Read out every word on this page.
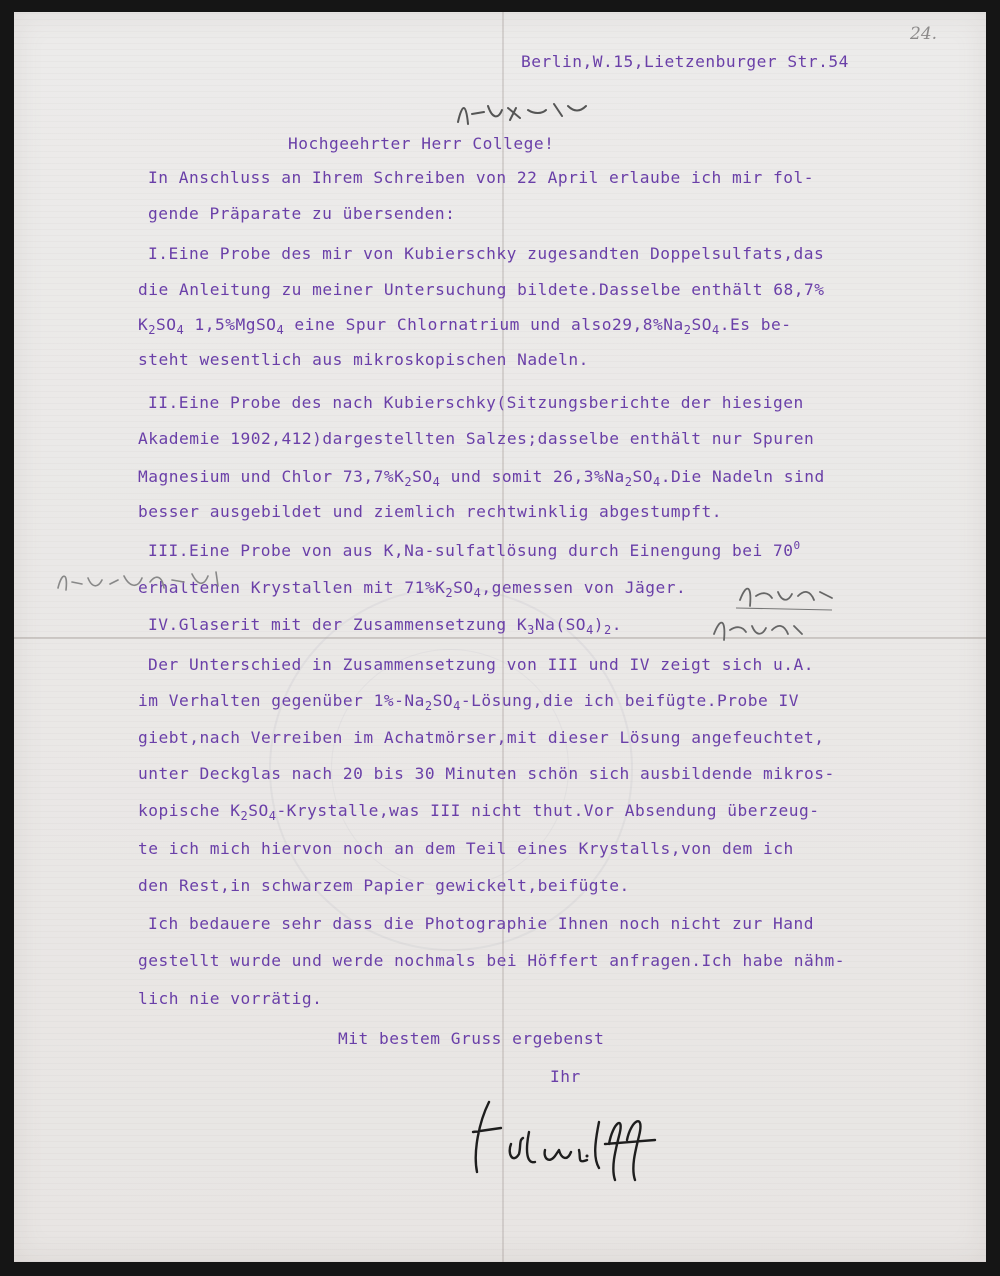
24.
Berlin,W.15,Lietzenburger Str.54
Hochgeehrter Herr College!
In Anschluss an Ihrem Schreiben von 22 April erlaube ich mir fol-
gende Präparate zu übersenden:
I.Eine Probe des mir von Kubierschky zugesandten Doppelsulfats,das
die Anleitung zu meiner Untersuchung bildete.Dasselbe enthält 68,7%
$K_2SO_4$ 1,5%MgSO$_4$ eine Spur Chlornatrium und $also29,8\%Na_2SO_4.Es$ be-
steht wesentlich aus mikroskopischen Nadeln.
II.Eine Probe des nach Kubierschky(Sitzungsberichte der hiesigen
Akademie 1902,412)dargestellten Salzes;dasselbe enthält nur Spuren
Magnesium und Chlor $73,7\%K_2SO_4$ und somit $26,3\%Na_2SO_4.Die$ Nadeln sind
besser ausgebildet und ziemlich rechtwinklig abgestumpft.
III.Eine Probe von aus K,Na-sulfatlösung durch Einengung bei $70^0$
erhaltenen Krystallen mit $71\%K_2SO_4,gemessen$ von Jäger.
IV.Glaserit mit der Zusammensetzung $K_3Na(SO_4)_2$.
Der Unterschied in Zusammensetzung von III und IV zeigt sich u.A.
im Verhalten gegenüber $1\%-Na_2SO_4-Lösung,die$ ich beifügte.Probe IV
giebt,nach Verreiben im Achatmörser,mit dieser Lösung angefeuchtet,
unter Deckglas nach 20 bis 30 Minuten schön sich ausbildende mikros-
kopische $K_2SO_4-Krystalle,was$ III nicht thut.Vor Absendung überzeug-
te ich mich hiervon noch an dem Teil eines Krystalls,von dem ich
den Rest,in schwarzem Papier gewickelt,beifügte.
Ich bedauere sehr dass die Photographie Ihnen noch nicht zur Hand
gestellt wurde und werde nochmals bei Höffert anfragen.Ich habe nähm-
lich nie vorrätig.
Mit bestem Gruss ergebenst
Ihr
